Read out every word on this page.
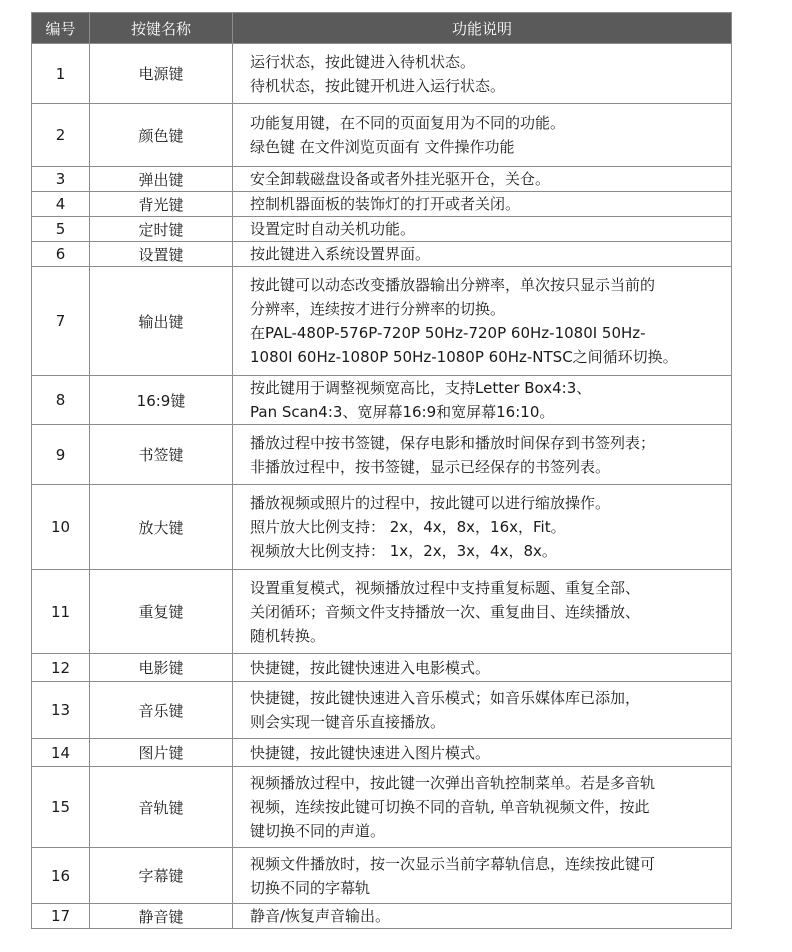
编号	按键名称	功能说明
1	电源键	运行状态，按此键进入待机状态。
待机状态，按此键开机进入运行状态。

2	颜色键	功能复用键，在不同的页面复用为不同的功能。
绿色键 在文件浏览页面有 文件操作功能

3	弹出键	安全卸载磁盘设备或者外挂光驱开仓，关仓。

4	背光键	控制机器面板的装饰灯的打开或者关闭。

5	定时键	设置定时自动关机功能。

6	设置键	按此键进入系统设置界面。

7	输出键	按此键可以动态改变播放器输出分辨率，单次按只显示当前的
分辨率，连续按才进行分辨率的切换。
在PAL-480P-576P-720P 50Hz-720P 60Hz-1080I 50Hz-
1080I 60Hz-1080P 50Hz-1080P 60Hz-NTSC之间循环切换。

8	16:9键	按此键用于调整视频宽高比，支持Letter Box4:3、
Pan Scan4:3、宽屏幕16:9和宽屏幕16:10。

9	书签键	播放过程中按书签键，保存电影和播放时间保存到书签列表；
非播放过程中，按书签键，显示已经保存的书签列表。

10	放大键	播放视频或照片的过程中，按此键可以进行缩放操作。
照片放大比例支持： 2x，4x，8x，16x，Fit。
视频放大比例支持： 1x，2x，3x，4x，8x。

11	重复键	设置重复模式，视频播放过程中支持重复标题、重复全部、
关闭循环；音频文件支持播放一次、重复曲目、连续播放、
随机转换。

12	电影键	快捷键，按此键快速进入电影模式。

13	音乐键	快捷键，按此键快速进入音乐模式；如音乐媒体库已添加，
则会实现一键音乐直接播放。

14	图片键	快捷键，按此键快速进入图片模式。

15	音轨键	视频播放过程中，按此键一次弹出音轨控制菜单。若是多音轨
视频，连续按此键可切换不同的音轨, 单音轨视频文件，按此
键切换不同的声道。

16	字幕键	视频文件播放时，按一次显示当前字幕轨信息，连续按此键可
切换不同的字幕轨

17	静音键	静音/恢复声音输出。
